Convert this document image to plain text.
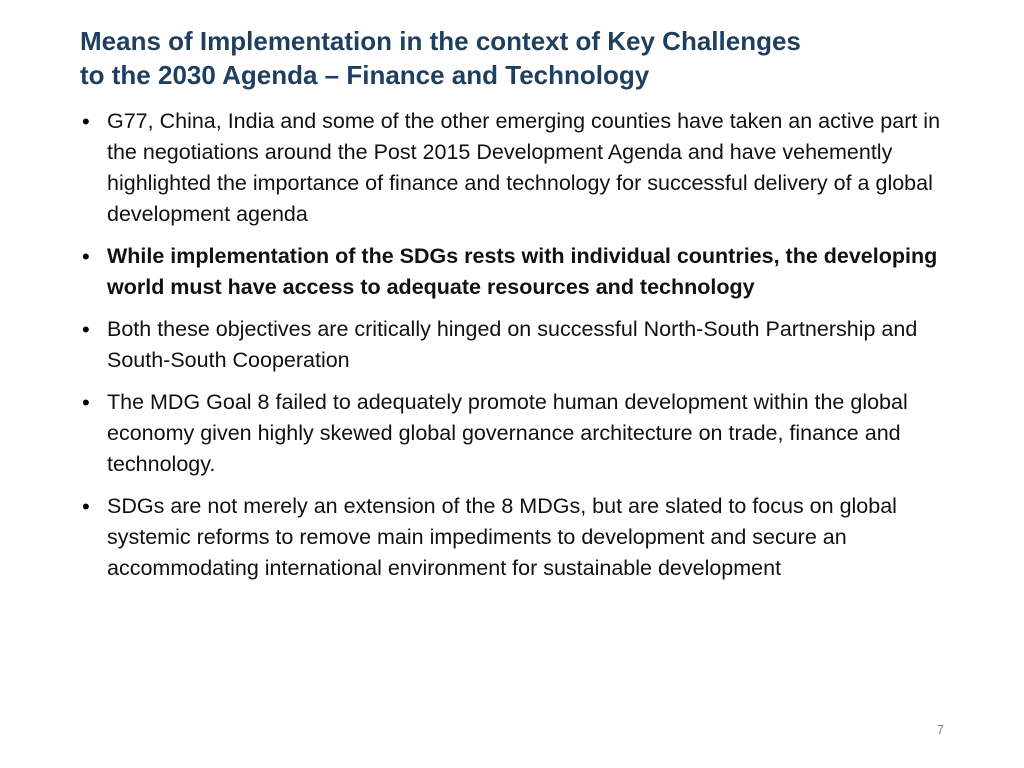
Means of Implementation in the context of Key Challenges
to the 2030 Agenda – Finance and Technology
• G77, China, India and some of the other emerging counties have taken an active part in the negotiations around the Post 2015 Development Agenda and have vehemently highlighted the importance of finance and technology for successful delivery of a global development agenda
• While implementation of the SDGs rests with individual countries, the developing world must have access to adequate resources and technology
• Both these objectives are critically hinged on successful North-South Partnership and South-South Cooperation
• The MDG Goal 8 failed to adequately promote human development within the global economy given highly skewed global governance architecture on trade, finance and technology.
• SDGs are not merely an extension of the 8 MDGs, but are slated to focus on global systemic reforms to remove main impediments to development and secure an accommodating international environment for sustainable development
7
